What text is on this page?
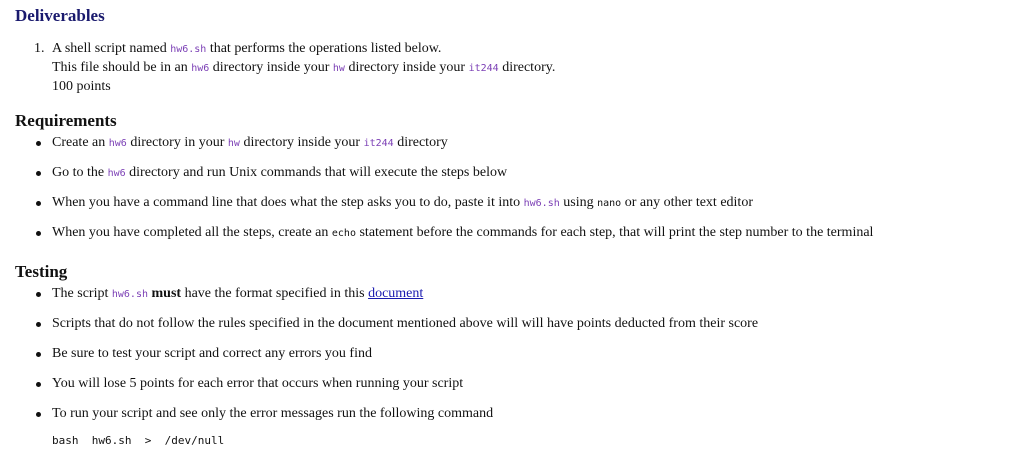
Deliverables
1. A shell script named hw6.sh that performs the operations listed below.
This file should be in an hw6 directory inside your hw directory inside your it244 directory.
100 points
Requirements
Create an hw6 directory in your hw directory inside your it244 directory
Go to the hw6 directory and run Unix commands that will execute the steps below
When you have a command line that does what the step asks you to do, paste it into hw6.sh using nano or any other text editor
When you have completed all the steps, create an echo statement before the commands for each step, that will print the step number to the terminal
Testing
The script hw6.sh must have the format specified in this document
Scripts that do not follow the rules specified in the document mentioned above will will have points deducted from their score
Be sure to test your script and correct any errors you find
You will lose 5 points for each error that occurs when running your script
To run your script and see only the error messages run the following command
bash  hw6.sh  >  /dev/null
